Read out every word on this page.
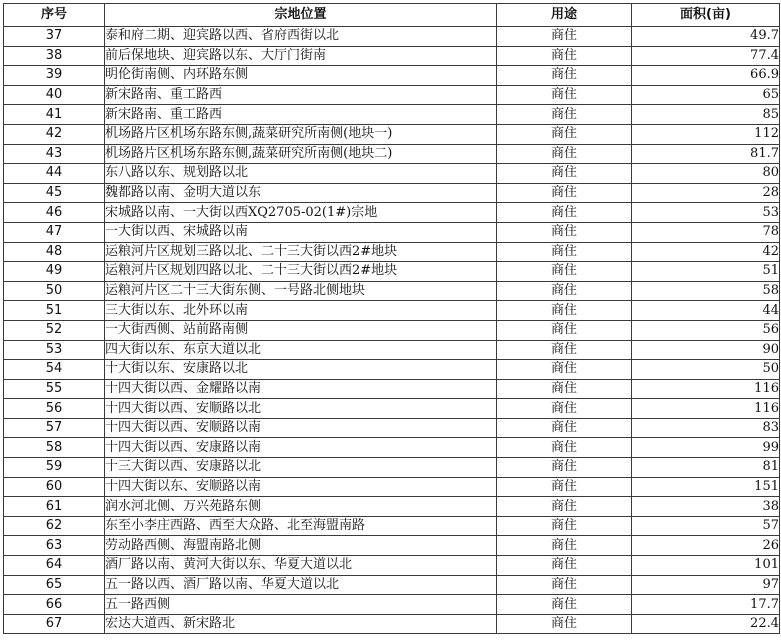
序号	宗地位置	用途	面积(亩)
37	泰和府二期、迎宾路以西、省府西街以北	商住	49.7
38	前后保地块、迎宾路以东、大厅门街南	商住	77.4
39	明伦街南侧、内环路东侧	商住	66.9
40	新宋路南、重工路西	商住	65
41	新宋路南、重工路西	商住	85
42	机场路片区机场东路东侧,蔬菜研究所南侧(地块一)	商住	112
43	机场路片区机场东路东侧,蔬菜研究所南侧(地块二)	商住	81.7
44	东八路以东、规划路以北	商住	80
45	魏都路以南、金明大道以东	商住	28
46	宋城路以南、一大街以西XQ2705-02(1#)宗地	商住	53
47	一大街以西、宋城路以南	商住	78
48	运粮河片区规划三路以北、二十三大街以西2#地块	商住	42
49	运粮河片区规划四路以北、二十三大街以西2#地块	商住	51
50	运粮河片区二十三大街东侧、一号路北侧地块	商住	58
51	三大街以东、北外环以南	商住	44
52	一大街西侧、站前路南侧	商住	56
53	四大街以东、东京大道以北	商住	90
54	十大街以东、安康路以北	商住	50
55	十四大街以西、金耀路以南	商住	116
56	十四大街以西、安顺路以北	商住	116
57	十四大街以西、安顺路以南	商住	83
58	十四大街以西、安康路以南	商住	99
59	十三大街以西、安康路以北	商住	81
60	十四大街以东、安顺路以南	商住	151
61	润水河北侧、万兴苑路东侧	商住	38
62	东至小李庄西路、西至大众路、北至海盟南路	商住	57
63	劳动路西侧、海盟南路北侧	商住	26
64	酒厂路以南、黄河大街以东、华夏大道以北	商住	101
65	五一路以西、酒厂路以南、华夏大道以北	商住	97
66	五一路西侧	商住	17.7
67	宏达大道西、新宋路北	商住	22.4
